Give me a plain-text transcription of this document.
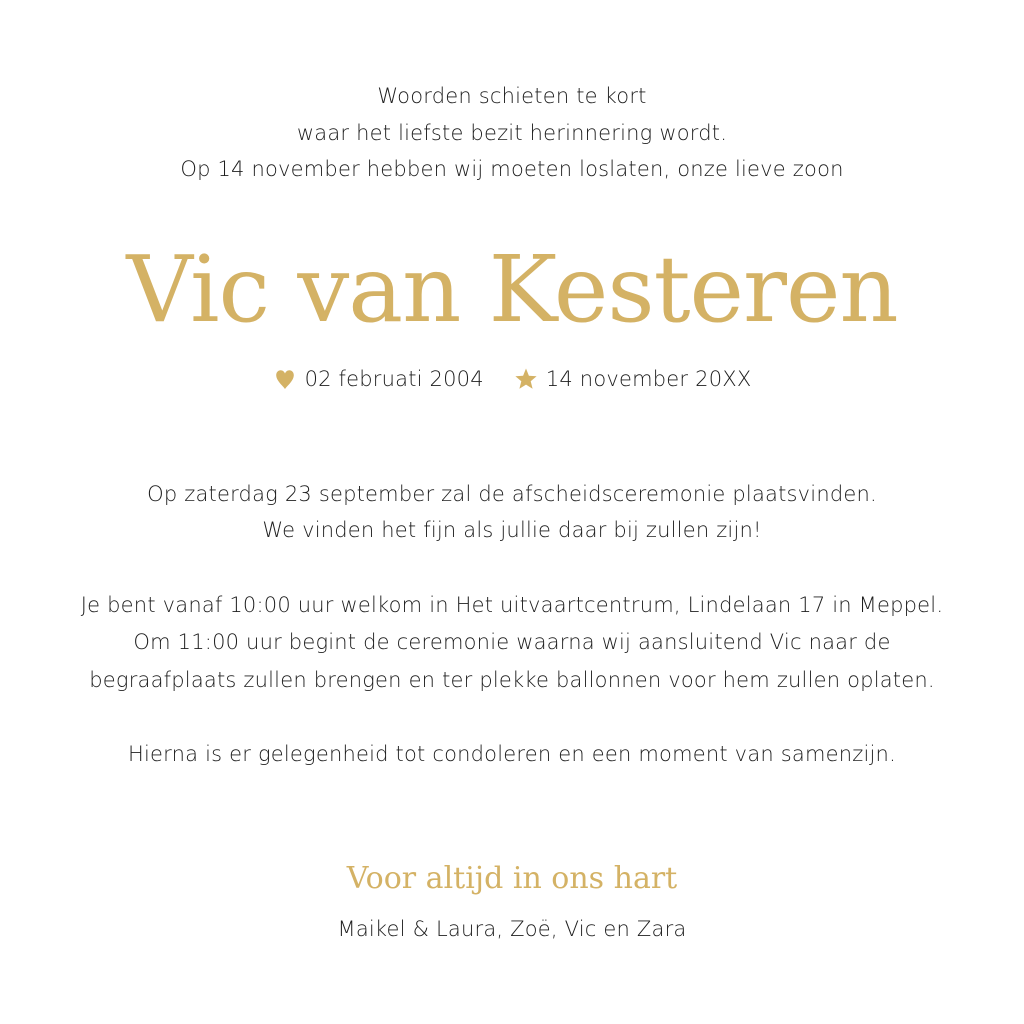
Woorden schieten te kort
waar het liefste bezit herinnering wordt.
Op 14 november hebben wij moeten loslaten, onze lieve zoon
Vic van Kesteren
02 februati 2004	14 november 20XX
Op zaterdag 23 september zal de afscheidsceremonie plaatsvinden.
We vinden het fijn als jullie daar bij zullen zijn!
Je bent vanaf 10:00 uur welkom in Het uitvaartcentrum, Lindelaan 17 in Meppel.
Om 11:00 uur begint de ceremonie waarna wij aansluitend Vic naar de
begraafplaats zullen brengen en ter plekke ballonnen voor hem zullen oplaten.
Hierna is er gelegenheid tot condoleren en een moment van samenzijn.
Voor altijd in ons hart
Maikel & Laura, Zoë, Vic en Zara
